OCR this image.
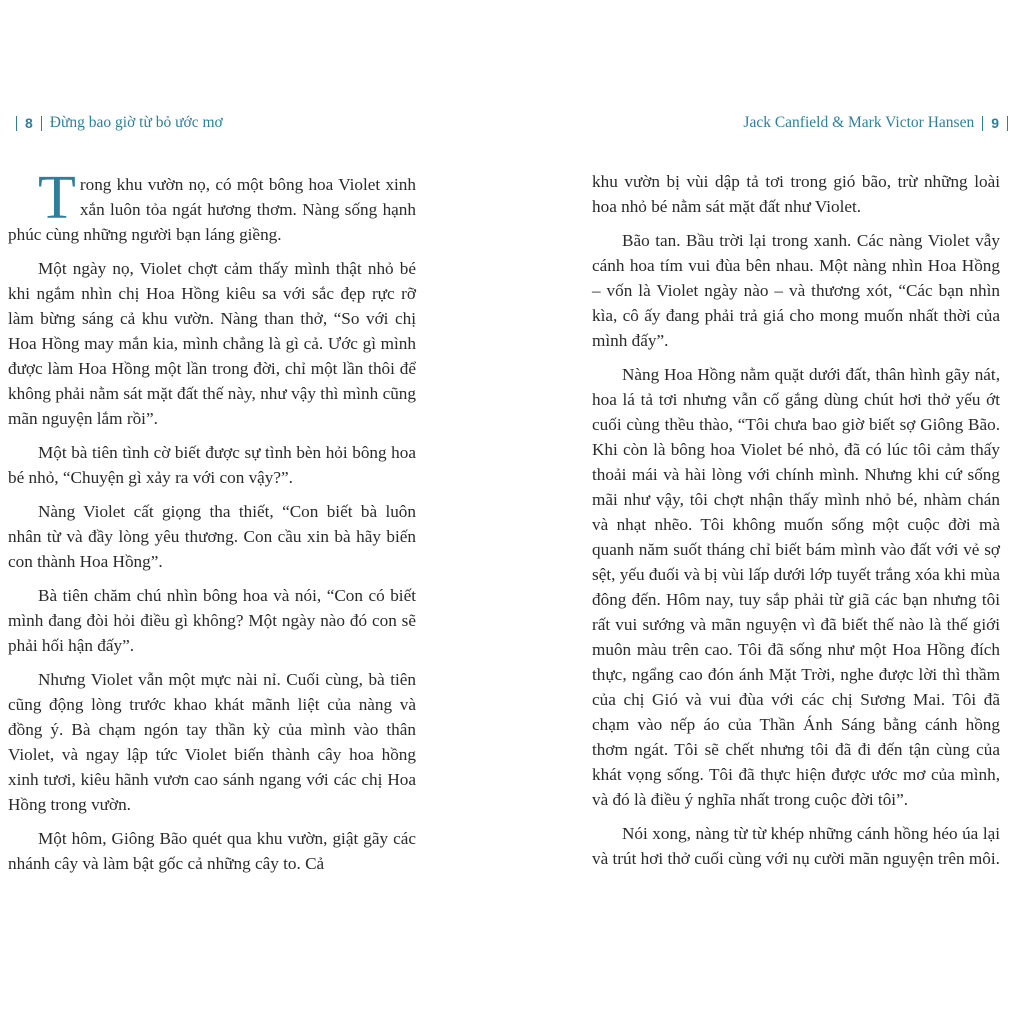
8 Đừng bao giờ từ bỏ ước mơ	Jack Canfield & Mark Victor Hansen 9

Trong khu vườn nọ, có một bông hoa Violet xinh xắn luôn tỏa ngát hương thơm. Nàng sống hạnh phúc cùng những người bạn láng giềng.

Một ngày nọ, Violet chợt cảm thấy mình thật nhỏ bé khi ngắm nhìn chị Hoa Hồng kiêu sa với sắc đẹp rực rỡ làm bừng sáng cả khu vườn. Nàng than thở, “So với chị Hoa Hồng may mắn kia, mình chẳng là gì cả. Ước gì mình được làm Hoa Hồng một lần trong đời, chỉ một lần thôi để không phải nằm sát mặt đất thế này, như vậy thì mình cũng mãn nguyện lắm rồi”.

Một bà tiên tình cờ biết được sự tình bèn hỏi bông hoa bé nhỏ, “Chuyện gì xảy ra với con vậy?”.

Nàng Violet cất giọng tha thiết, “Con biết bà luôn nhân từ và đầy lòng yêu thương. Con cầu xin bà hãy biến con thành Hoa Hồng”.

Bà tiên chăm chú nhìn bông hoa và nói, “Con có biết mình đang đòi hỏi điều gì không? Một ngày nào đó con sẽ phải hối hận đấy”.

Nhưng Violet vẫn một mực nài nỉ. Cuối cùng, bà tiên cũng động lòng trước khao khát mãnh liệt của nàng và đồng ý. Bà chạm ngón tay thần kỳ của mình vào thân Violet, và ngay lập tức Violet biến thành cây hoa hồng xinh tươi, kiêu hãnh vươn cao sánh ngang với các chị Hoa Hồng trong vườn.

Một hôm, Giông Bão quét qua khu vườn, giật gãy các nhánh cây và làm bật gốc cả những cây to. Cả

khu vườn bị vùi dập tả tơi trong gió bão, trừ những loài hoa nhỏ bé nằm sát mặt đất như Violet.

Bão tan. Bầu trời lại trong xanh. Các nàng Violet vẫy cánh hoa tím vui đùa bên nhau. Một nàng nhìn Hoa Hồng – vốn là Violet ngày nào – và thương xót, “Các bạn nhìn kìa, cô ấy đang phải trả giá cho mong muốn nhất thời của mình đấy”.

Nàng Hoa Hồng nằm quặt dưới đất, thân hình gãy nát, hoa lá tả tơi nhưng vẫn cố gắng dùng chút hơi thở yếu ớt cuối cùng thều thào, “Tôi chưa bao giờ biết sợ Giông Bão. Khi còn là bông hoa Violet bé nhỏ, đã có lúc tôi cảm thấy thoải mái và hài lòng với chính mình. Nhưng khi cứ sống mãi như vậy, tôi chợt nhận thấy mình nhỏ bé, nhàm chán và nhạt nhẽo. Tôi không muốn sống một cuộc đời mà quanh năm suốt tháng chỉ biết bám mình vào đất với vẻ sợ sệt, yếu đuối và bị vùi lấp dưới lớp tuyết trắng xóa khi mùa đông đến. Hôm nay, tuy sắp phải từ giã các bạn nhưng tôi rất vui sướng và mãn nguyện vì đã biết thế nào là thế giới muôn màu trên cao. Tôi đã sống như một Hoa Hồng đích thực, ngẩng cao đón ánh Mặt Trời, nghe được lời thì thầm của chị Gió và vui đùa với các chị Sương Mai. Tôi đã chạm vào nếp áo của Thần Ánh Sáng bằng cánh hồng thơm ngát. Tôi sẽ chết nhưng tôi đã đi đến tận cùng của khát vọng sống. Tôi đã thực hiện được ước mơ của mình, và đó là điều ý nghĩa nhất trong cuộc đời tôi”.

Nói xong, nàng từ từ khép những cánh hồng héo úa lại và trút hơi thở cuối cùng với nụ cười mãn nguyện trên môi.
